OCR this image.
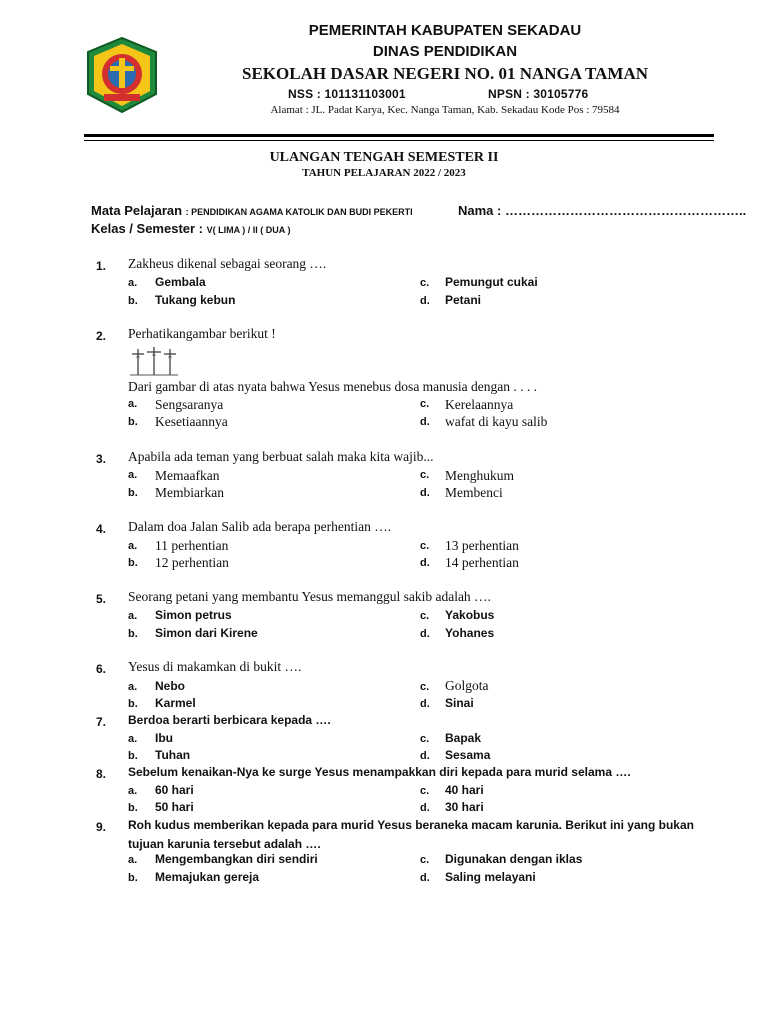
PEMERINTAH KABUPATEN SEKADAU
DINAS PENDIDIKAN
SEKOLAH DASAR NEGERI NO. 01 NANGA TAMAN
NSS : 101131103001	NPSN : 30105776
Alamat : JL. Padat Karya, Kec. Nanga Taman, Kab. Sekadau Kode Pos : 79584
ULANGAN TENGAH SEMESTER II
TAHUN PELAJARAN 2022 / 2023
Mata Pelajaran : PENDIDIKAN AGAMA KATOLIK DAN BUDI PEKERTI	Nama : ………………………………………………..
Kelas / Semester : V( LIMA ) / II ( DUA )
1. Zakheus dikenal sebagai seorang ….
a. Gembala	c. Pemungut cukai
b. Tukang kebun	d. Petani
2. Perhatikangambar berikut !
Dari gambar di atas nyata bahwa Yesus menebus dosa manusia dengan . . . .
a. Sengsaranya	c. Kerelaannya
b. Kesetiaannya	d. wafat di kayu salib
3. Apabila ada teman yang berbuat salah maka kita wajib...
a. Memaafkan	c. Menghukum
b. Membiarkan	d. Membenci
4. Dalam doa Jalan Salib ada berapa perhentian ….
a. 11 perhentian	c. 13 perhentian
b. 12 perhentian	d. 14 perhentian
5. Seorang petani yang membantu Yesus memanggul sakib adalah ….
a. Simon petrus	c. Yakobus
b. Simon dari Kirene	d. Yohanes
6. Yesus di makamkan di bukit ….
a. Nebo	c. Golgota
b. Karmel	d. Sinai
7. Berdoa berarti berbicara kepada ….
a. Ibu	c. Bapak
b. Tuhan	d. Sesama
8. Sebelum kenaikan-Nya ke surge Yesus menampakkan diri kepada para murid selama ….
a. 60 hari	c. 40 hari
b. 50 hari	d. 30 hari
9. Roh kudus memberikan kepada para murid Yesus beraneka macam karunia. Berikut ini yang bukan tujuan karunia tersebut adalah ….
a. Mengembangkan diri sendiri	c. Digunakan dengan iklas
b. Memajukan gereja	d. Saling melayani
